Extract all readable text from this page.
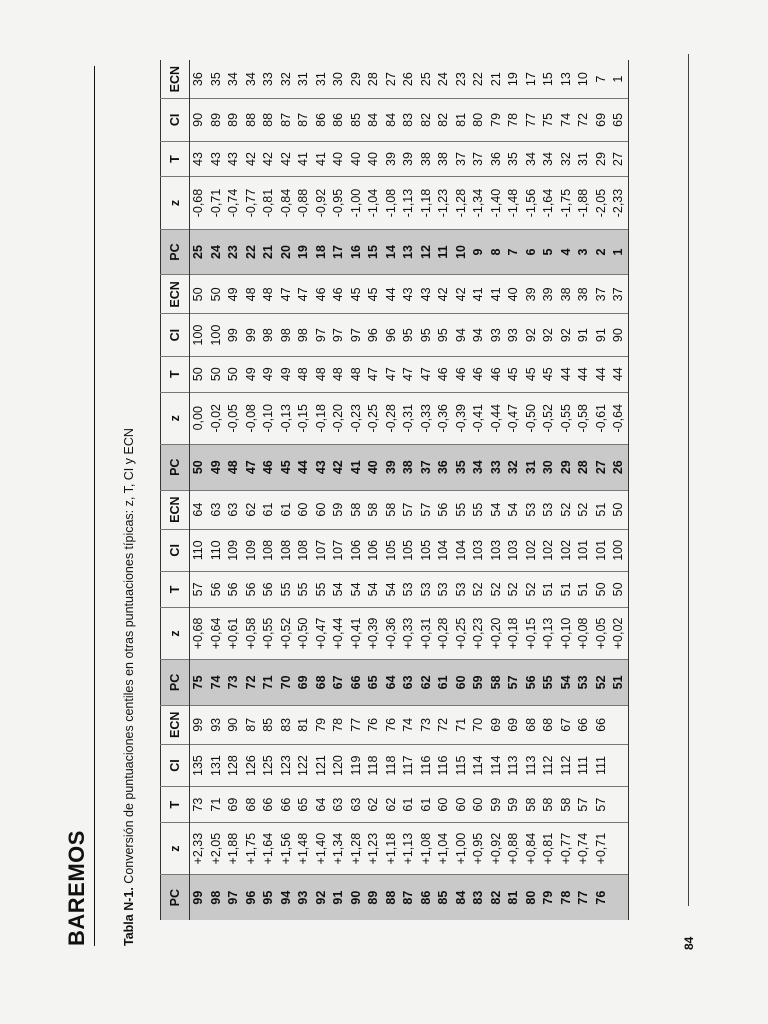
BAREMOS	Tabla N-1. Conversión de puntuaciones centiles en otras puntuaciones típicas: z, T, CI y ECN
PC	z	T	CI	ECN	PC	z	T	CI	ECN	PC	z	T	CI	ECN	PC	z	T	CI	ECN
99	+2,33	73	135	99	75	+0,68	57	110	64	50	0,00	50	100	50	25	-0,68	43	90	36
98	+2,05	71	131	93	74	+0,64	56	110	63	49	-0,02	50	100	50	24	-0,71	43	89	35
97	+1,88	69	128	90	73	+0,61	56	109	63	48	-0,05	50	99	49	23	-0,74	43	89	34
96	+1,75	68	126	87	72	+0,58	56	109	62	47	-0,08	49	99	48	22	-0,77	42	88	34
95	+1,64	66	125	85	71	+0,55	56	108	61	46	-0,10	49	98	48	21	-0,81	42	88	33
94	+1,56	66	123	83	70	+0,52	55	108	61	45	-0,13	49	98	47	20	-0,84	42	87	32
93	+1,48	65	122	81	69	+0,50	55	108	60	44	-0,15	48	98	47	19	-0,88	41	87	31
92	+1,40	64	121	79	68	+0,47	55	107	60	43	-0,18	48	97	46	18	-0,92	41	86	31
91	+1,34	63	120	78	67	+0,44	54	107	59	42	-0,20	48	97	46	17	-0,95	40	86	30
90	+1,28	63	119	77	66	+0,41	54	106	58	41	-0,23	48	97	45	16	-1,00	40	85	29
89	+1,23	62	118	76	65	+0,39	54	106	58	40	-0,25	47	96	45	15	-1,04	40	84	28
88	+1,18	62	118	76	64	+0,36	54	105	58	39	-0,28	47	96	44	14	-1,08	39	84	27
87	+1,13	61	117	74	63	+0,33	53	105	57	38	-0,31	47	95	43	13	-1,13	39	83	26
86	+1,08	61	116	73	62	+0,31	53	105	57	37	-0,33	47	95	43	12	-1,18	38	82	25
85	+1,04	60	116	72	61	+0,28	53	104	56	36	-0,36	46	95	42	11	-1,23	38	82	24
84	+1,00	60	115	71	60	+0,25	53	104	55	35	-0,39	46	94	42	10	-1,28	37	81	23
83	+0,95	60	114	70	59	+0,23	52	103	55	34	-0,41	46	94	41	9	-1,34	37	80	22
82	+0,92	59	114	69	58	+0,20	52	103	54	33	-0,44	46	93	41	8	-1,40	36	79	21
81	+0,88	59	113	69	57	+0,18	52	103	54	32	-0,47	45	93	40	7	-1,48	35	78	19
80	+0,84	58	113	68	56	+0,15	52	102	53	31	-0,50	45	92	39	6	-1,56	34	77	17
79	+0,81	58	112	68	55	+0,13	51	102	53	30	-0,52	45	92	39	5	-1,64	34	75	15
78	+0,77	58	112	67	54	+0,10	51	102	52	29	-0,55	44	92	38	4	-1,75	32	74	13
77	+0,74	57	111	66	53	+0,08	51	101	52	28	-0,58	44	91	38	3	-1,88	31	72	10
76	+0,71	57	111	66	52	+0,05	50	101	51	27	-0,61	44	91	37	2	-2,05	29	69	7
					51	+0,02	50	100	50	26	-0,64	44	90	37	1	-2,33	27	65	1
84
